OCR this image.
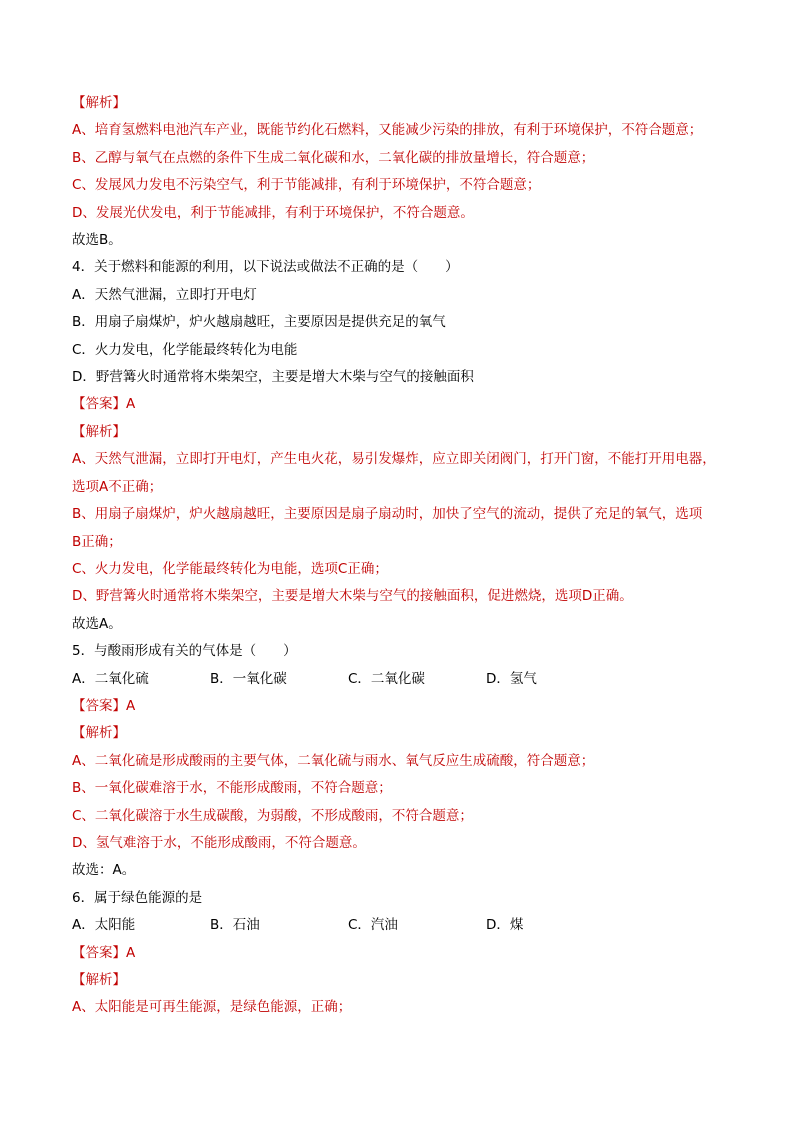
【解析】
A、培育氢燃料电池汽车产业，既能节约化石燃料，又能减少污染的排放，有利于环境保护，不符合题意；
B、乙醇与氧气在点燃的条件下生成二氧化碳和水，二氧化碳的排放量增长，符合题意；
C、发展风力发电不污染空气，利于节能减排，有利于环境保护，不符合题意；
D、发展光伏发电，利于节能减排，有利于环境保护，不符合题意。
故选B。
4．关于燃料和能源的利用，以下说法或做法不正确的是（　　）
A．天然气泄漏，立即打开电灯
B．用扇子扇煤炉，炉火越扇越旺，主要原因是提供充足的氧气
C．火力发电，化学能最终转化为电能
D．野营篝火时通常将木柴架空，主要是增大木柴与空气的接触面积
【答案】A
【解析】
A、天然气泄漏，立即打开电灯，产生电火花，易引发爆炸，应立即关闭阀门，打开门窗，不能打开用电器，
选项A不正确；
B、用扇子扇煤炉，炉火越扇越旺，主要原因是扇子扇动时，加快了空气的流动，提供了充足的氧气，选项
B正确；
C、火力发电，化学能最终转化为电能，选项C正确；
D、野营篝火时通常将木柴架空，主要是增大木柴与空气的接触面积，促进燃烧，选项D正确。
故选A。
5．与酸雨形成有关的气体是（　　）
A．二氧化硫	B．一氧化碳	C．二氧化碳	D．氢气
【答案】A
【解析】
A、二氧化硫是形成酸雨的主要气体，二氧化硫与雨水、氧气反应生成硫酸，符合题意；
B、一氧化碳难溶于水，不能形成酸雨，不符合题意；
C、二氧化碳溶于水生成碳酸，为弱酸，不形成酸雨，不符合题意；
D、氢气难溶于水，不能形成酸雨，不符合题意。
故选：A。
6．属于绿色能源的是
A．太阳能	B．石油	C．汽油	D．煤
【答案】A
【解析】
A、太阳能是可再生能源，是绿色能源，正确；
